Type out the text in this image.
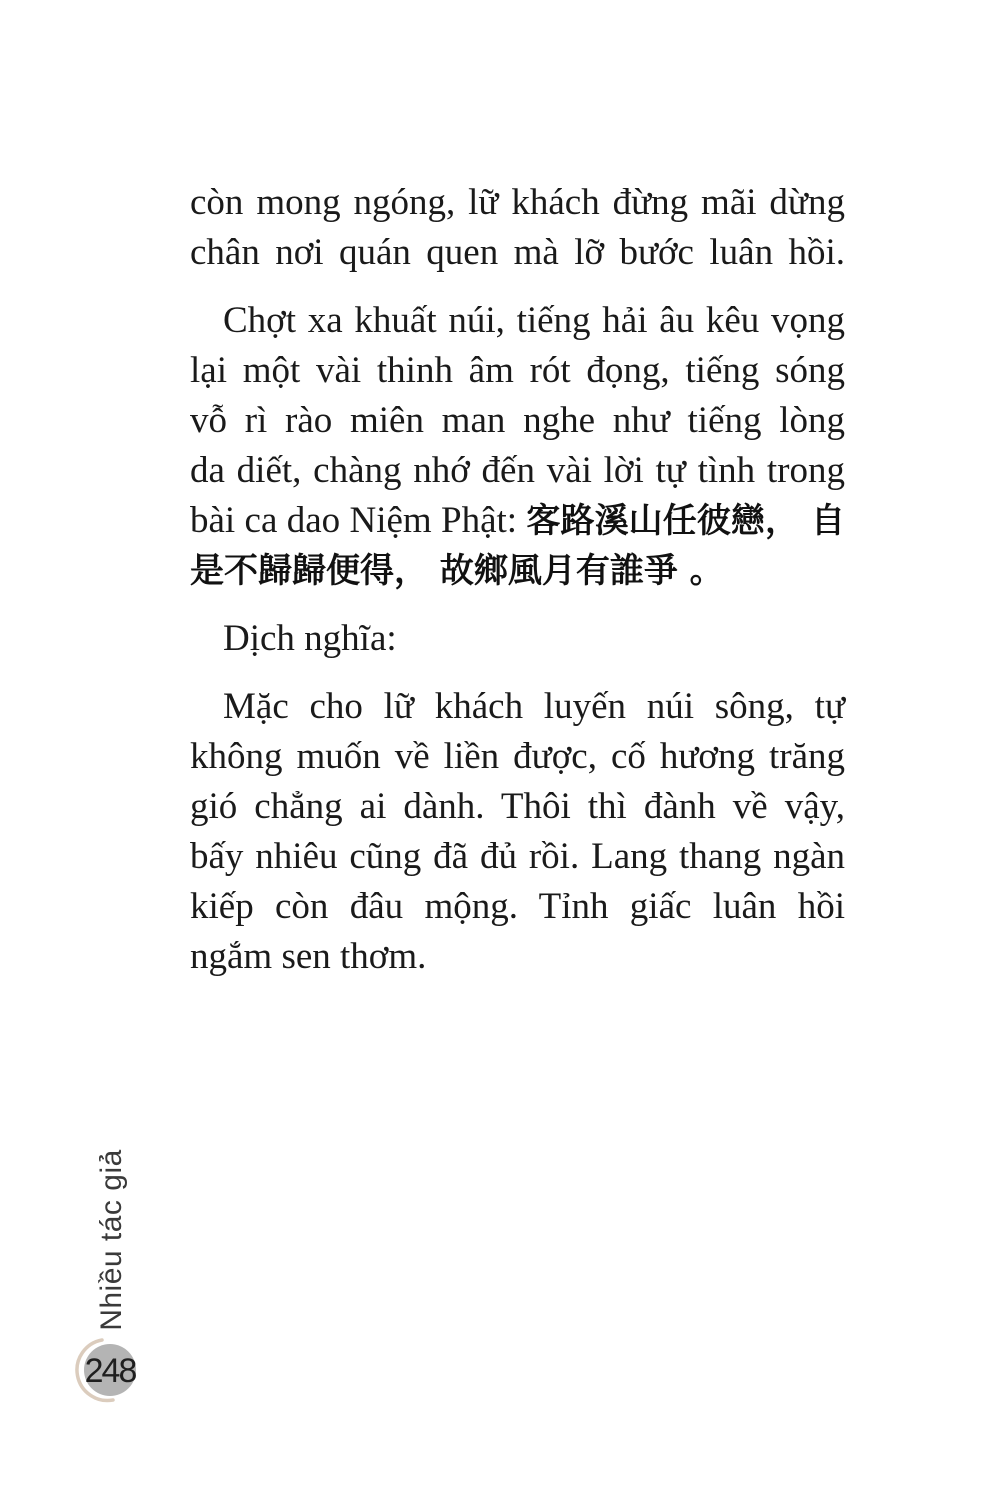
còn mong ngóng, lữ khách đừng mãi dừng
chân nơi quán quen mà lỡ bước luân hồi.

Chợt xa khuất núi, tiếng hải âu kêu vọng
lại một vài thinh âm rót đọng, tiếng sóng
vỗ rì rào miên man nghe như tiếng lòng
da diết, chàng nhớ đến vài lời tự tình trong
bài ca dao Niệm Phật: 客路溪山任彼戀， 自
是不歸歸便得， 故鄉風月有誰爭 。

Dịch nghĩa:

Mặc cho lữ khách luyến núi sông, tự
không muốn về liền được, cố hương trăng
gió chẳng ai dành. Thôi thì đành về vậy,
bấy nhiêu cũng đã đủ rồi. Lang thang ngàn
kiếp còn đâu mộng. Tỉnh giấc luân hồi
ngắm sen thơm.

Nhiều tác giả
248
